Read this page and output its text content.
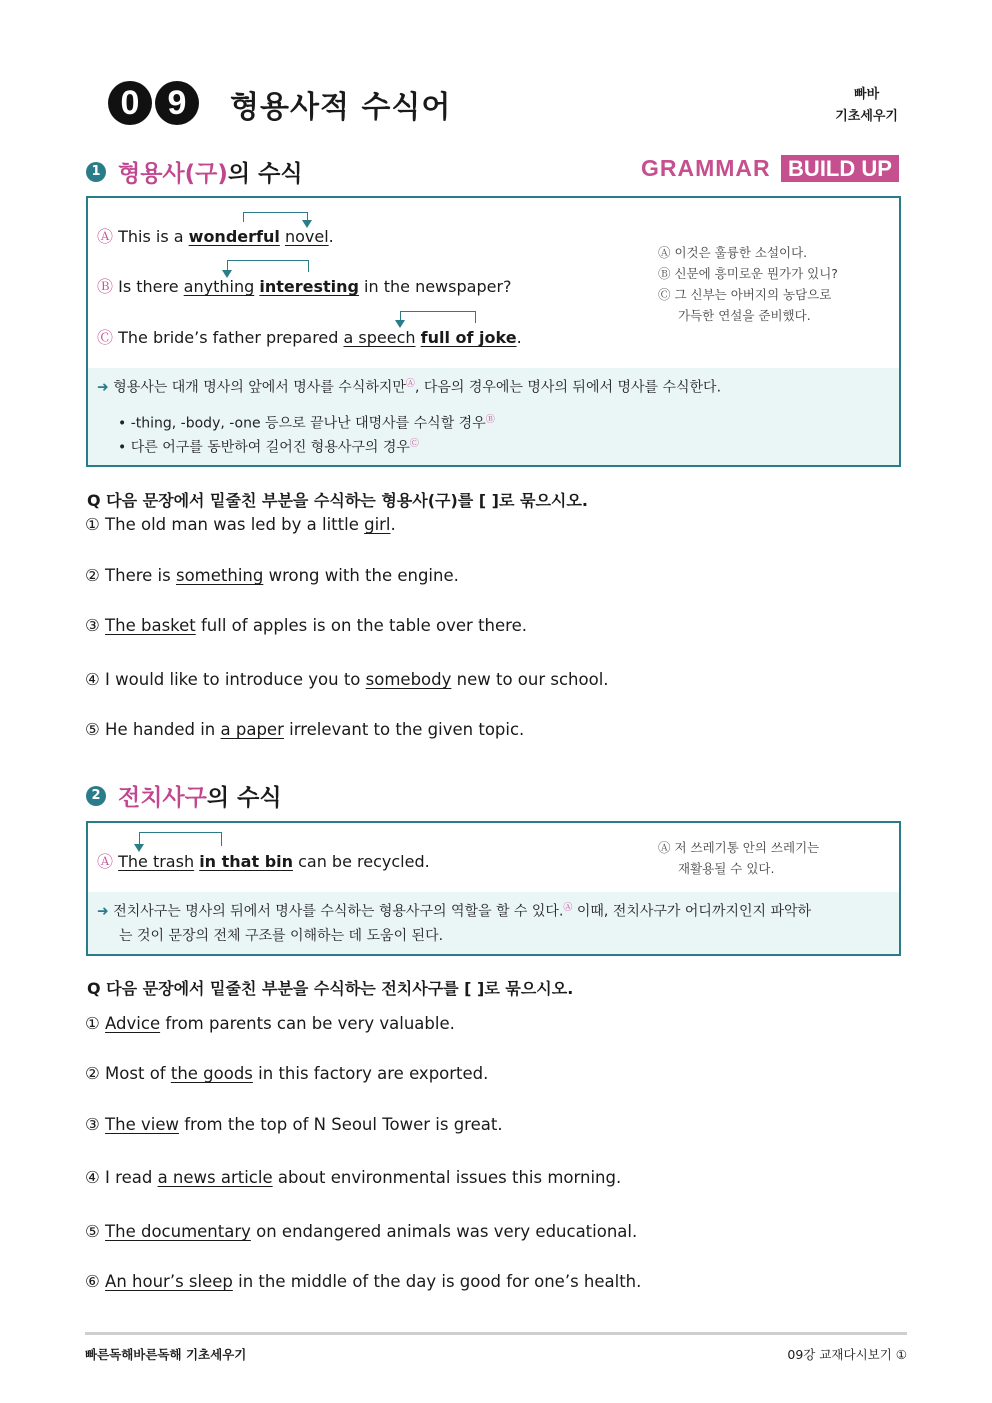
0 9	형용사적 수식어	빠바
기초세우기
1 형용사(구)의 수식	GRAMMAR BUILD UP
Ⓐ This is a wonderful novel.
Ⓑ Is there anything interesting in the newspaper?
Ⓒ The bride’s father prepared a speech full of joke.
Ⓐ 이것은 훌륭한 소설이다.
Ⓑ 신문에 흥미로운 뭔가가 있니?
Ⓒ 그 신부는 아버지의 농담으로
가득한 연설을 준비했다.
➜ 형용사는 대개 명사의 앞에서 명사를 수식하지만Ⓐ, 다음의 경우에는 명사의 뒤에서 명사를 수식한다.
• -thing, -body, -one 등으로 끝나난 대명사를 수식할 경우Ⓑ
• 다른 어구를 동반하여 길어진 형용사구의 경우Ⓒ
Q 다음 문장에서 밑줄친 부분을 수식하는 형용사(구)를 [ ]로 묶으시오.
① The old man was led by a little girl.
② There is something wrong with the engine.
③ The basket full of apples is on the table over there.
④ I would like to introduce you to somebody new to our school.
⑤ He handed in a paper irrelevant to the given topic.
2 전치사구의 수식
Ⓐ The trash in that bin can be recycled.
Ⓐ 저 쓰레기통 안의 쓰레기는
재활용될 수 있다.
➜ 전치사구는 명사의 뒤에서 명사를 수식하는 형용사구의 역할을 할 수 있다.Ⓐ 이때, 전치사구가 어디까지인지 파악하
는 것이 문장의 전체 구조를 이해하는 데 도움이 된다.
Q 다음 문장에서 밑줄친 부분을 수식하는 전치사구를 [ ]로 묶으시오.
① Advice from parents can be very valuable.
② Most of the goods in this factory are exported.
③ The view from the top of N Seoul Tower is great.
④ I read a news article about environmental issues this morning.
⑤ The documentary on endangered animals was very educational.
⑥ An hour’s sleep in the middle of the day is good for one’s health.
빠른독해바른독해 기초세우기	09강 교재다시보기 ①
